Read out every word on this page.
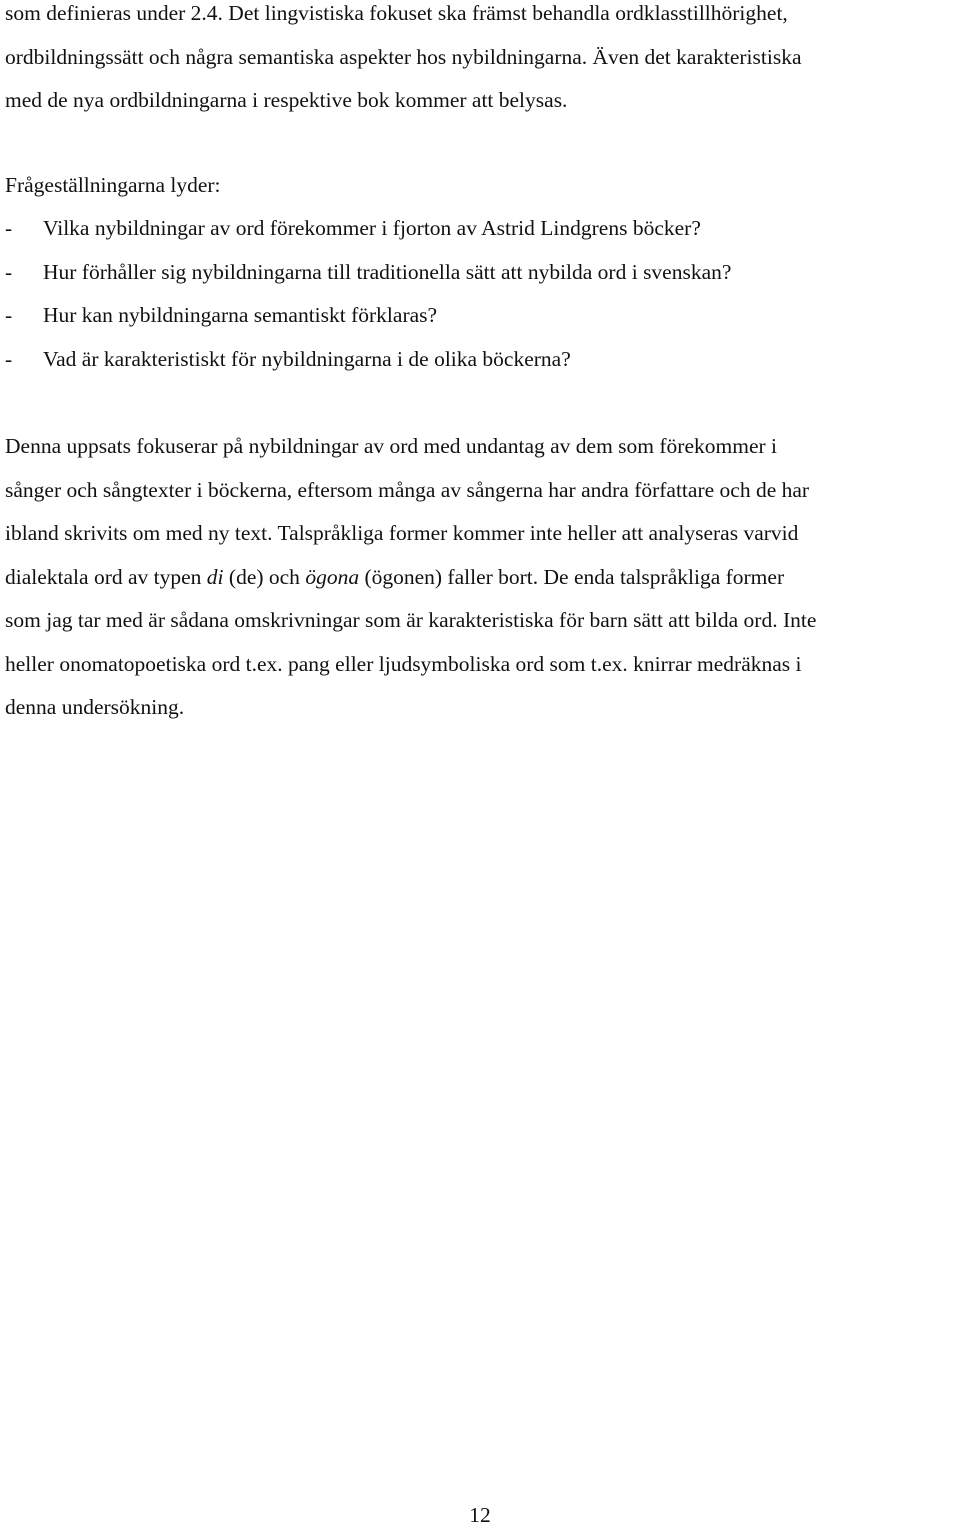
som definieras under 2.4. Det lingvistiska fokuset ska främst behandla ordklasstillhörighet,
ordbildningssätt och några semantiska aspekter hos nybildningarna. Även det karakteristiska
med de nya ordbildningarna i respektive bok kommer att belysas.

Frågeställningarna lyder:

- Vilka nybildningar av ord förekommer i fjorton av Astrid Lindgrens böcker?
- Hur förhåller sig nybildningarna till traditionella sätt att nybilda ord i svenskan?
- Hur kan nybildningarna semantiskt förklaras?
- Vad är karakteristiskt för nybildningarna i de olika böckerna?
Denna uppsats fokuserar på nybildningar av ord med undantag av dem som förekommer i
sånger och sångtexter i böckerna, eftersom många av sångerna har andra författare och de har
ibland skrivits om med ny text. Talspråkliga former kommer inte heller att analyseras varvid
dialektala ord av typen di (de) och ögona (ögonen) faller bort. De enda talspråkliga former
som jag tar med är sådana omskrivningar som är karakteristiska för barn sätt att bilda ord. Inte
heller onomatopoetiska ord t.ex. pang eller ljudsymboliska ord som t.ex. knirrar medräknas i
denna undersökning.
12
